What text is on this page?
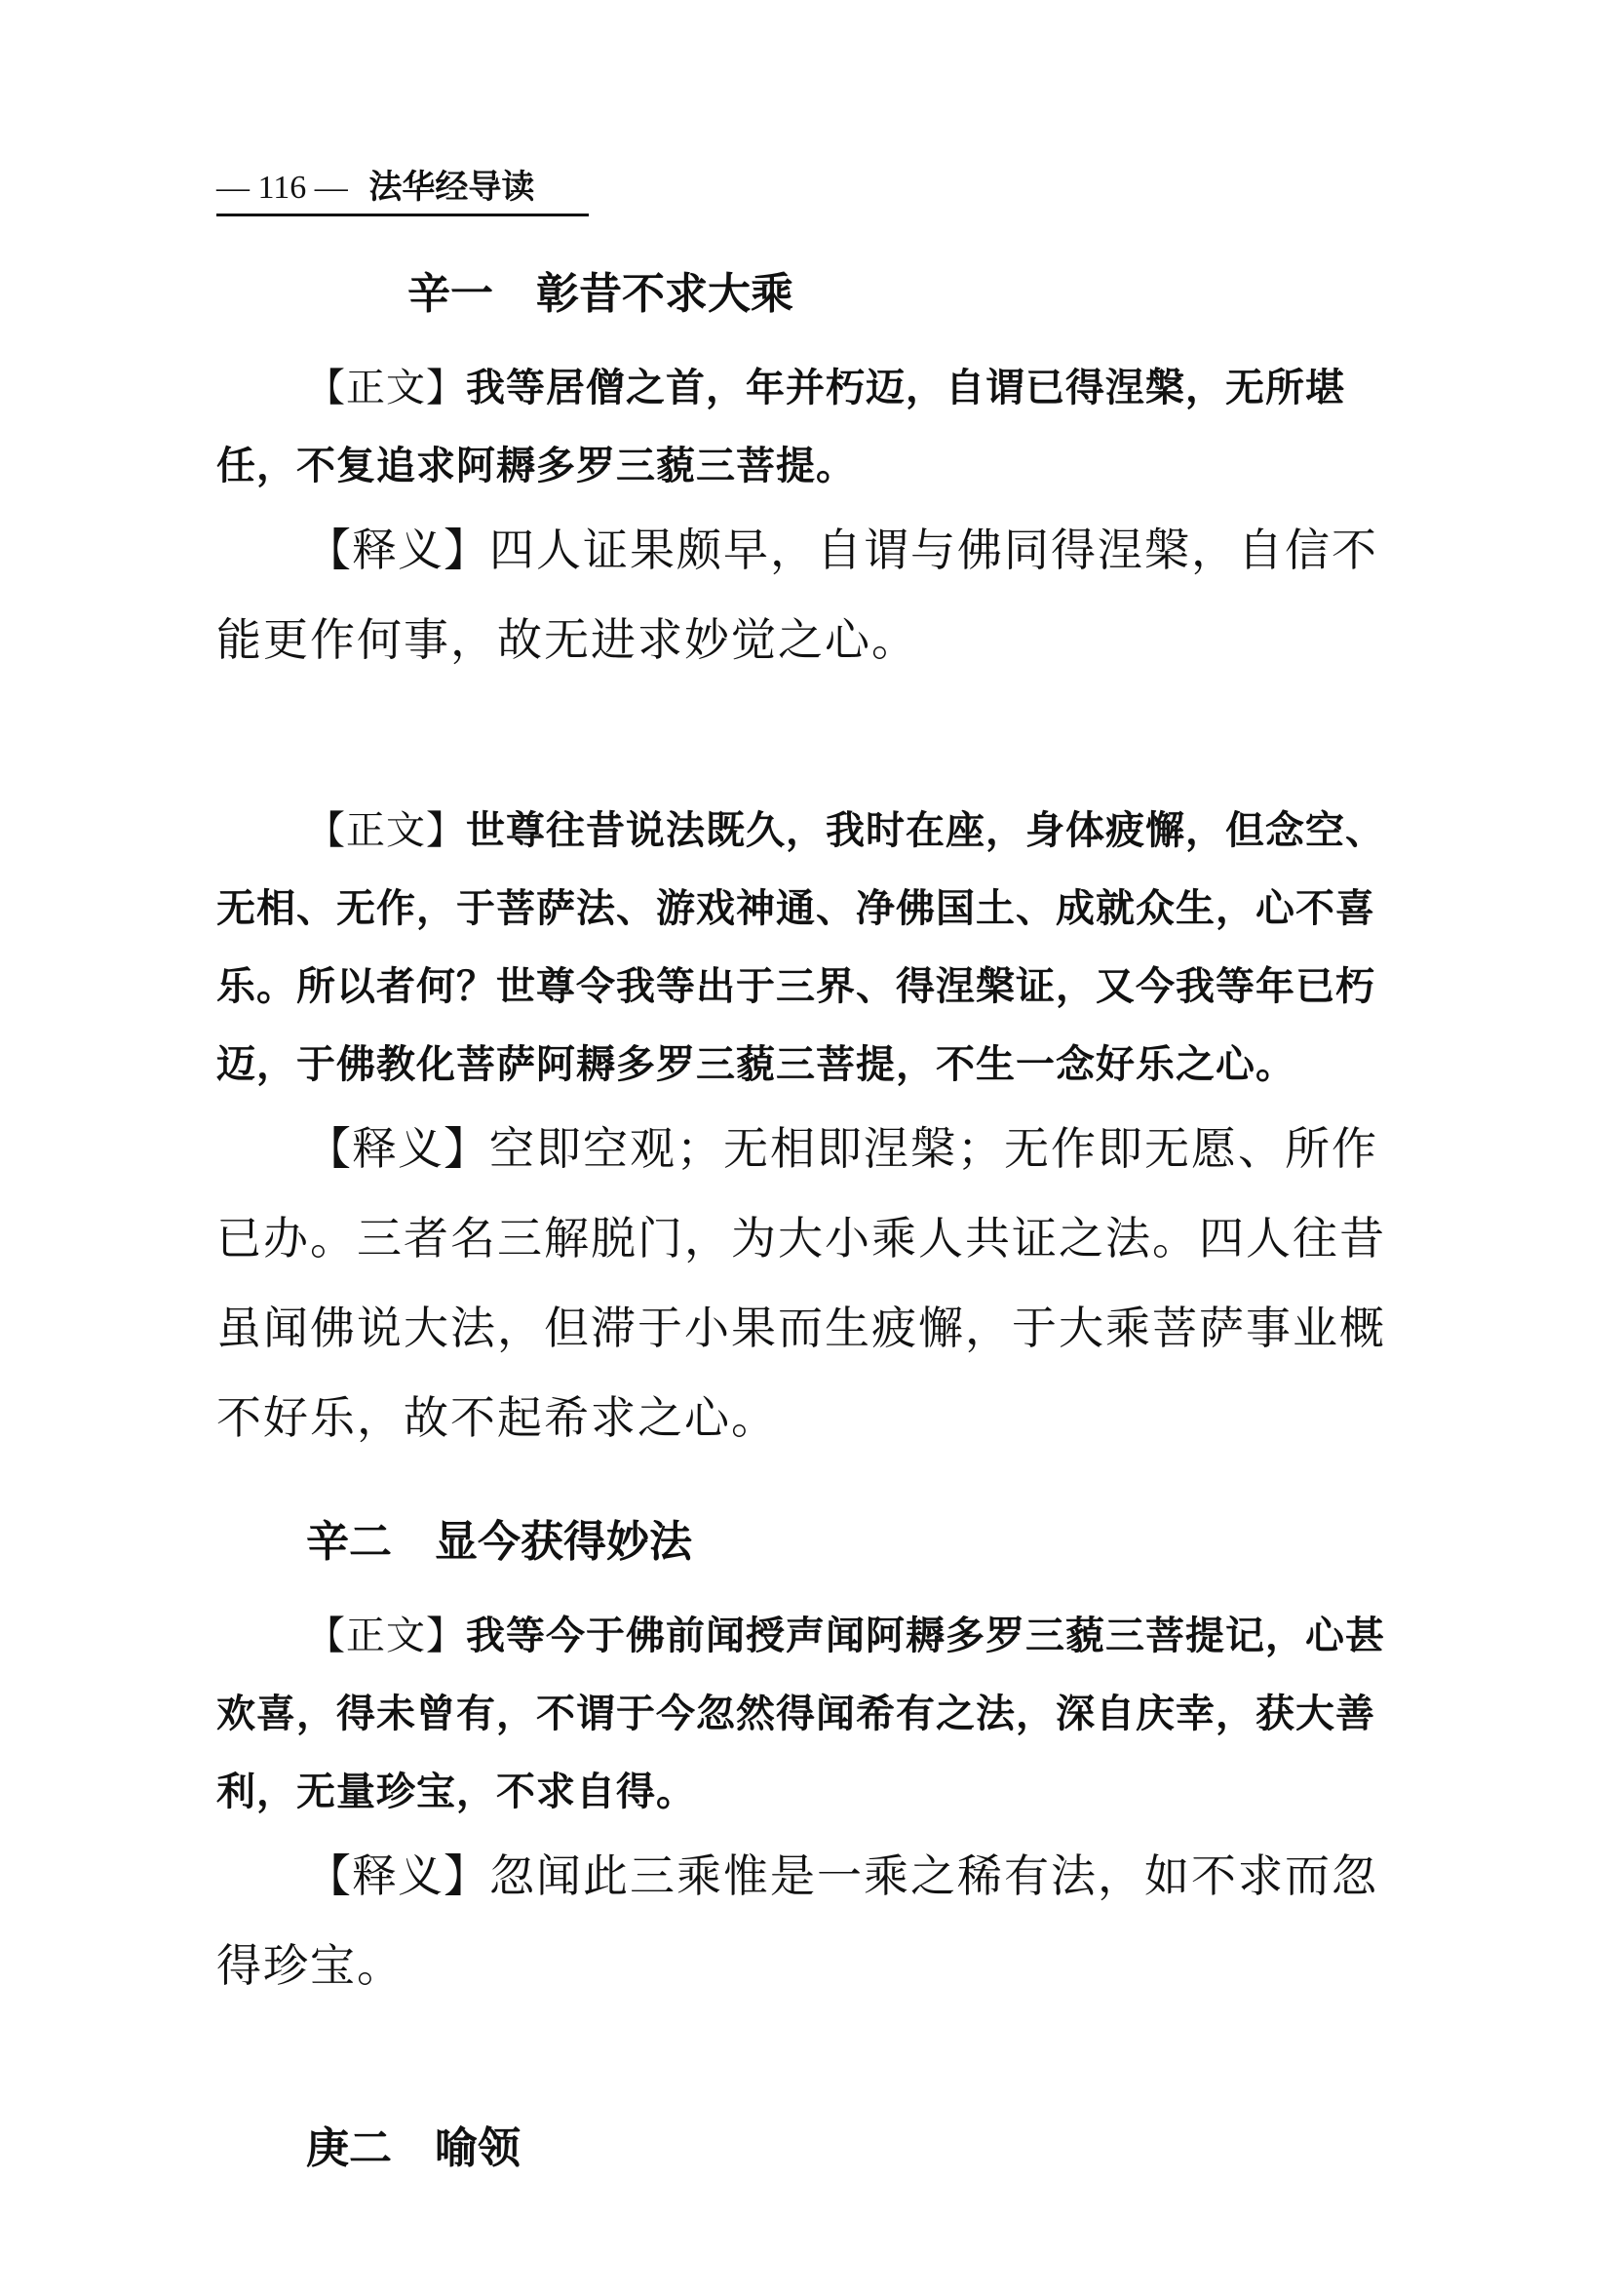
— 116 — 法华经导读
辛一　彰昔不求大乘

【正文】我等居僧之首，年并朽迈，自谓已得涅槃，无所堪任，不复追求阿耨多罗三藐三菩提。

【释义】四人证果颇早，自谓与佛同得涅槃，自信不能更作何事，故无进求妙觉之心。

【正文】世尊往昔说法既久，我时在座，身体疲懈，但念空、无相、无作，于菩萨法、游戏神通、净佛国土、成就众生，心不喜乐。所以者何？世尊令我等出于三界、得涅槃证，又今我等年已朽迈，于佛教化菩萨阿耨多罗三藐三菩提，不生一念好乐之心。

【释义】空即空观；无相即涅槃；无作即无愿、所作已办。三者名三解脱门，为大小乘人共证之法。四人往昔虽闻佛说大法，但滞于小果而生疲懈，于大乘菩萨事业概不好乐，故不起希求之心。

辛二　显今获得妙法

【正文】我等今于佛前闻授声闻阿耨多罗三藐三菩提记，心甚欢喜，得未曾有，不谓于今忽然得闻希有之法，深自庆幸，获大善利，无量珍宝，不求自得。

【释义】忽闻此三乘惟是一乘之稀有法，如不求而忽得珍宝。

庚二　喻领
